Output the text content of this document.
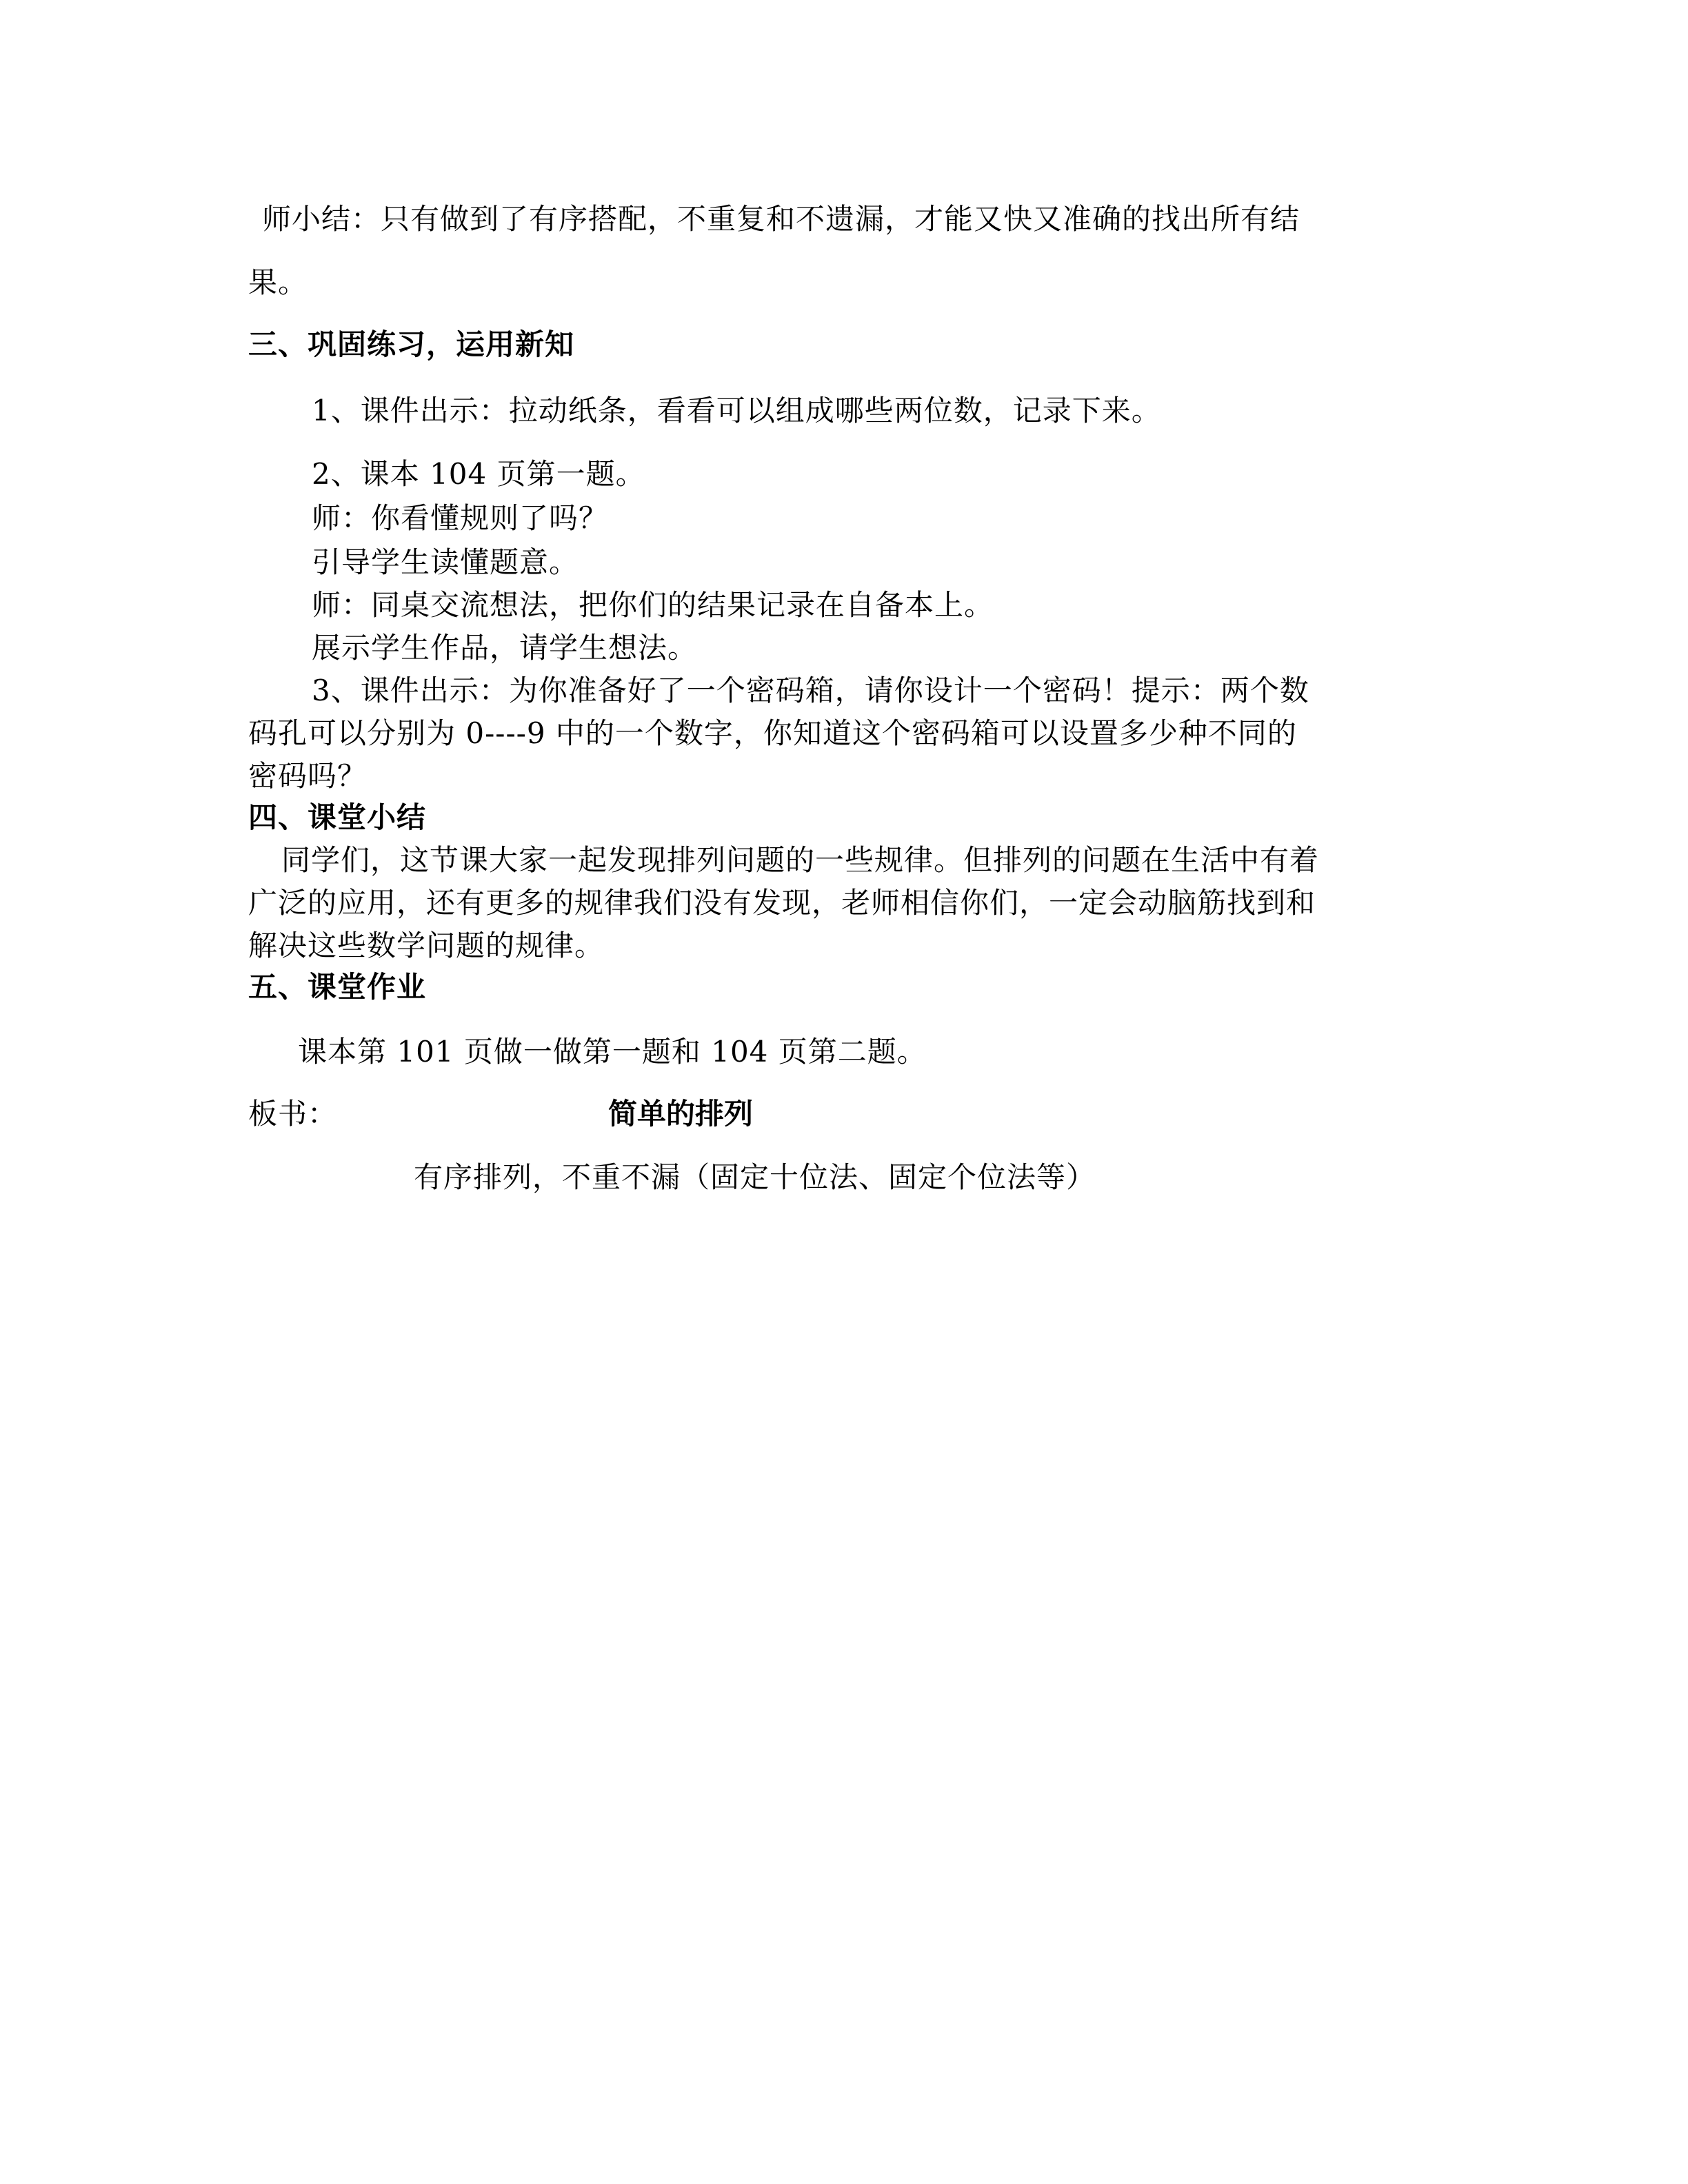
师小结：只有做到了有序搭配，不重复和不遗漏，才能又快又准确的找出所有结
果。
三、巩固练习，运用新知
1、课件出示：拉动纸条，看看可以组成哪些两位数，记录下来。
2、课本 104 页第一题。
师：你看懂规则了吗？
引导学生读懂题意。
师：同桌交流想法，把你们的结果记录在自备本上。
展示学生作品，请学生想法。
3、课件出示：为你准备好了一个密码箱，请你设计一个密码！提示：两个数
码孔可以分别为 0----9 中的一个数字，你知道这个密码箱可以设置多少种不同的
密码吗？
四、课堂小结
同学们，这节课大家一起发现排列问题的一些规律。但排列的问题在生活中有着
广泛的应用，还有更多的规律我们没有发现，老师相信你们，一定会动脑筋找到和
解决这些数学问题的规律。
五、课堂作业
课本第 101 页做一做第一题和 104 页第二题。
板书：	简单的排列
有序排列，不重不漏（固定十位法、固定个位法等）
